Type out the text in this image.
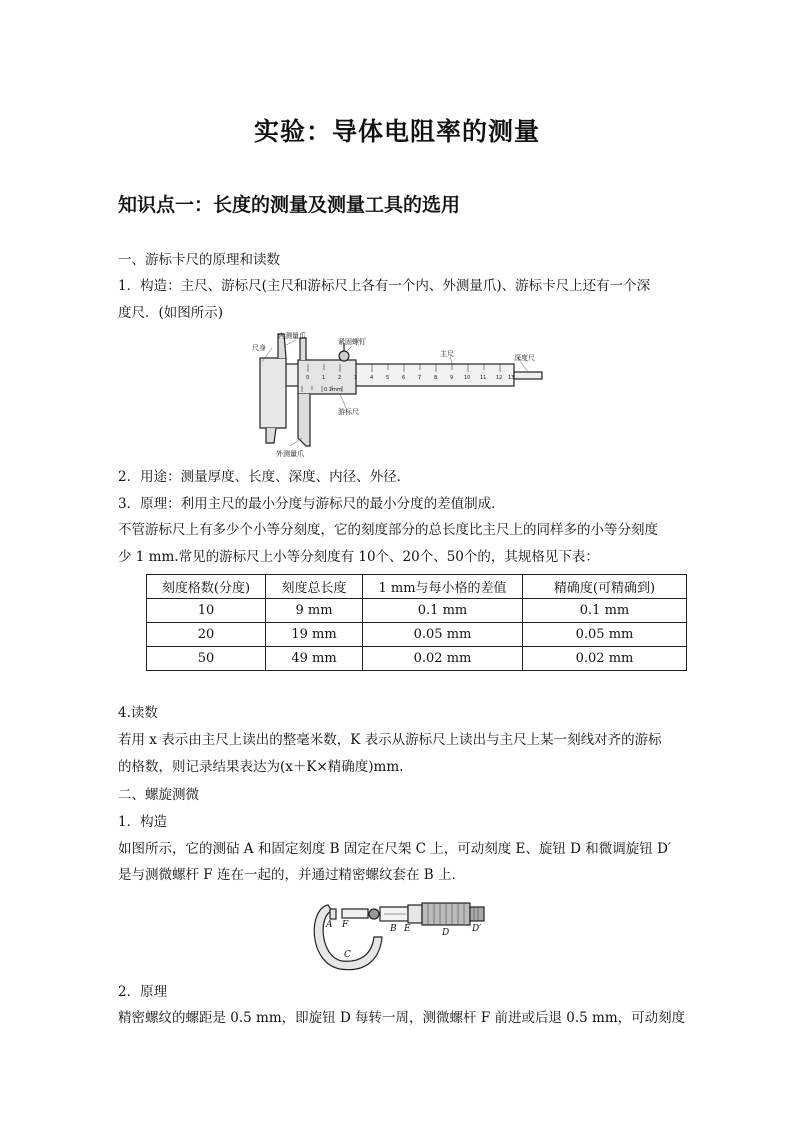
实验：导体电阻率的测量
知识点一：长度的测量及测量工具的选用
一、游标卡尺的原理和读数
1．构造：主尺、游标尺(主尺和游标尺上各有一个内、外测量爪)、游标卡尺上还有一个深
度尺．(如图所示)
尺身
内测量爪
紧固螺钉
主尺	深度尺
游标尺
外测量爪
0.1mm
0	1	2	3	4	5	6	7	8	9 10 11 12 13
2．用途：测量厚度、长度、深度、内径、外径．
3．原理：利用主尺的最小分度与游标尺的最小分度的差值制成．
不管游标尺上有多少个小等分刻度，它的刻度部分的总长度比主尺上的同样多的小等分刻度
少 1 mm.常见的游标尺上小等分刻度有 10个、20个、50个的，其规格见下表：
刻度格数(分度)	刻度总长度	1 mm与每小格的差值	精确度(可精确到)
10	9 mm	0.1 mm	0.1 mm
20	19 mm	0.05 mm	0.05 mm
50	49 mm	0.02 mm	0.02 mm
4.读数
若用 x 表示由主尺上读出的整毫米数，K 表示从游标尺上读出与主尺上某一刻线对齐的游标
的格数，则记录结果表达为(x＋K×精确度)mm.
二、螺旋测微
1．构造
如图所示，它的测砧 A 和固定刻度 B 固定在尺架 C 上，可动刻度 E、旋钮 D 和微调旋钮 D′
是与测微螺杆 F 连在一起的，并通过精密螺纹套在 B 上．
A F	B E	D	D′
C
2．原理
精密螺纹的螺距是 0.5 mm，即旋钮 D 每转一周，测微螺杆 F 前进或后退 0.5 mm，可动刻度
